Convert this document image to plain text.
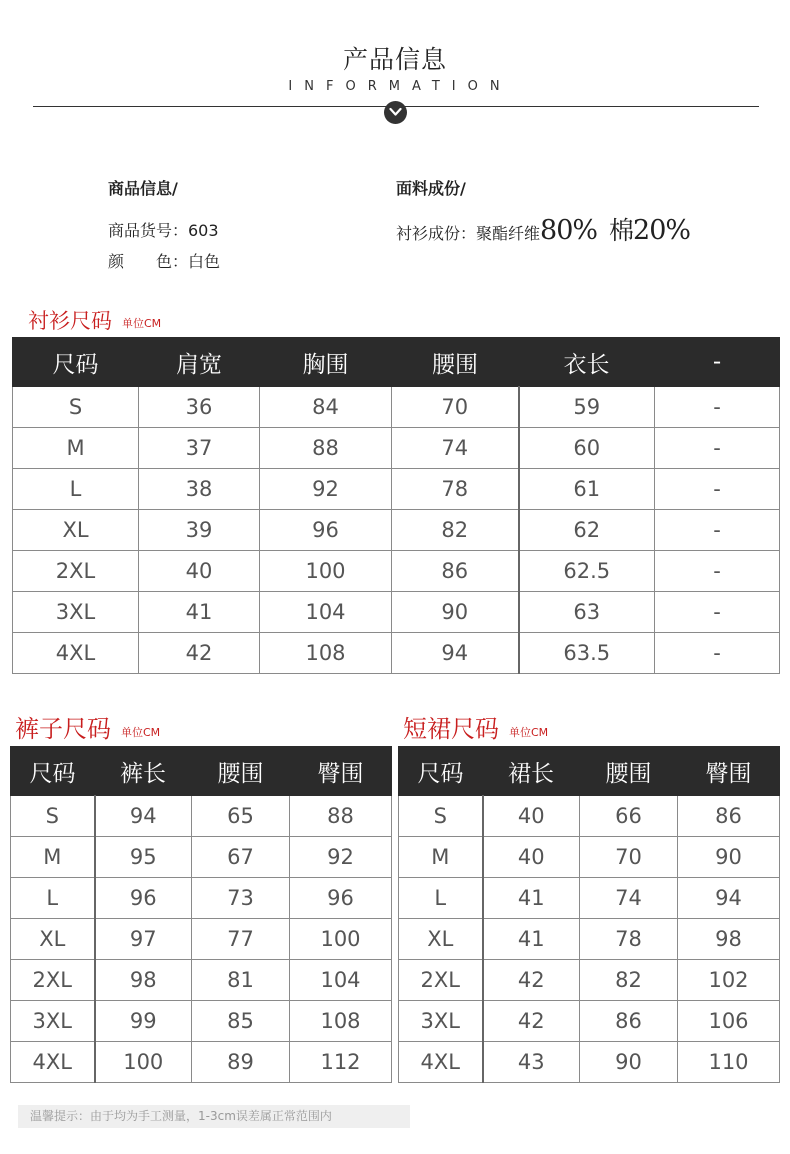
产品信息
INFORMATION
商品信息/
商品货号：603
颜 色：白色
面料成份/
衬衫成份：聚酯纤维80% 棉20%
衬衫尺码 单位CM
尺码	肩宽	胸围	腰围	衣长	-
S	36	84	70	59	-
M	37	88	74	60	-
L	38	92	78	61	-
XL	39	96	82	62	-
2XL	40	100	86	62.5	-
3XL	41	104	90	63	-
4XL	42	108	94	63.5	-
裤子尺码 单位CM
尺码	裤长	腰围	臀围
S	94	65	88
M	95	67	92
L	96	73	96
XL	97	77	100
2XL	98	81	104
3XL	99	85	108
4XL	100	89	112
短裙尺码 单位CM
尺码	裙长	腰围	臀围
S	40	66	86
M	40	70	90
L	41	74	94
XL	41	78	98
2XL	42	82	102
3XL	42	86	106
4XL	43	90	110
温馨提示：由于均为手工测量，1-3cm误差属正常范围内
